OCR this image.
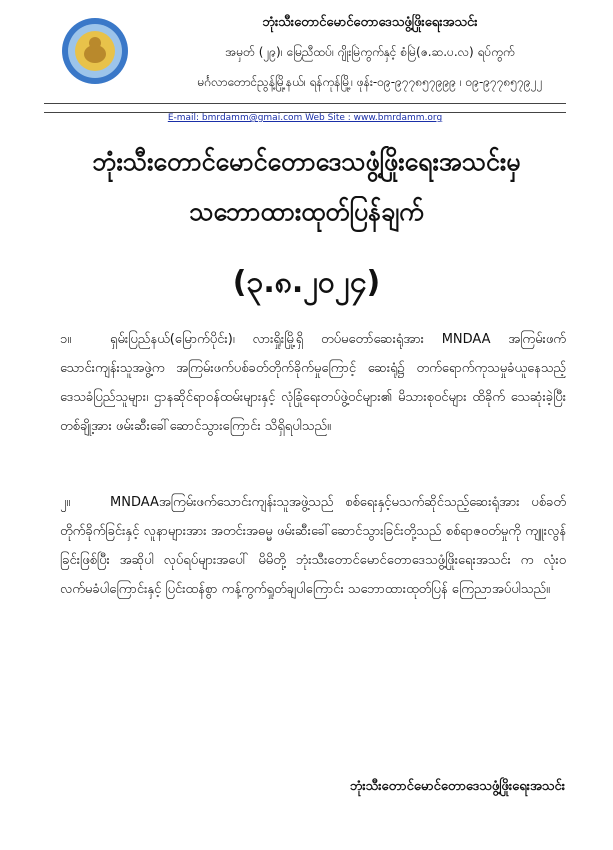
ဘုံးသီးတောင်မောင်တောဒေသဖွံ့ဖြိုးရေးအသင်း
အမှတ် (၂၉)၊ မြေညီထပ်၊ ဂျိုးမြဲကွက်နှင့် စံမြဲ(ဇ.ဆ.ပ.လ) ရပ်ကွက်
မင်္ဂလာတောင်ညွန့်မြို့နယ်၊ ရန်ကုန်မြို့၊ ဖုန်း-၀၉-၉၇၇၈၅၇၉၉၉ ၊ ၀၉-၉၇၇၈၅၇၉၂၂
E-mail: bmrdamm@gmai.com Web Site : www.bmrdamm.org
ဘုံးသီးတောင်မောင်တောဒေသဖွံ့ဖြိုးရေးအသင်းမှ
သဘောထားထုတ်ပြန်ချက်
(၃.၈.၂၀၂၄)
၁။	ရှမ်းပြည်နယ်(မြောက်ပိုင်း)၊ လားရှိုးမြို့ရှိ တပ်မတော်ဆေးရုံအား MNDAA အကြမ်းဖက်သောင်းကျန်းသူအဖွဲ့က အကြမ်းဖက်ပစ်ခတ်တိုက်ခိုက်မှုကြောင့် ဆေးရုံ၌ တက်ရောက်ကုသမှုခံယူနေသည့် ဒေသခံပြည်သူများ၊ ဌာနဆိုင်ရာဝန်ထမ်းများနှင့် လုံခြုံရေးတပ်ဖွဲ့ဝင်များ၏ မိသားစုဝင်များ ထိခိုက် သေဆုံးခဲ့ပြီး တစ်ချို့အား ဖမ်းဆီးခေါ်ဆောင်သွားကြောင်း သိရှိရပါသည်။
၂။	MNDAAအကြမ်းဖက်သောင်းကျန်းသူအဖွဲ့သည် စစ်ရေးနှင့်မသက်ဆိုင်သည့်ဆေးရုံအား ပစ်ခတ်တိုက်ခိုက်ခြင်းနှင့် လူနာများအား အတင်းအဓမ္မ ဖမ်းဆီးခေါ်ဆောင်သွားခြင်းတို့သည် စစ်ရာဇဝတ်မှုကို ကျူးလွန်ခြင်းဖြစ်ပြီး အဆိုပါ လုပ်ရပ်များအပေါ် မိမိတို့ ဘုံးသီးတောင်မောင်တောဒေသဖွံ့ဖြိုးရေးအသင်း က လုံးဝ လက်မခံပါကြောင်းနှင့် ပြင်းထန်စွာ ကန့်ကွက်ရှုတ်ချပါကြောင်း သဘောထားထုတ်ပြန် ကြေညာအပ်ပါသည်။
ဘုံးသီးတောင်မောင်တောဒေသဖွံ့ဖြိုးရေးအသင်း
